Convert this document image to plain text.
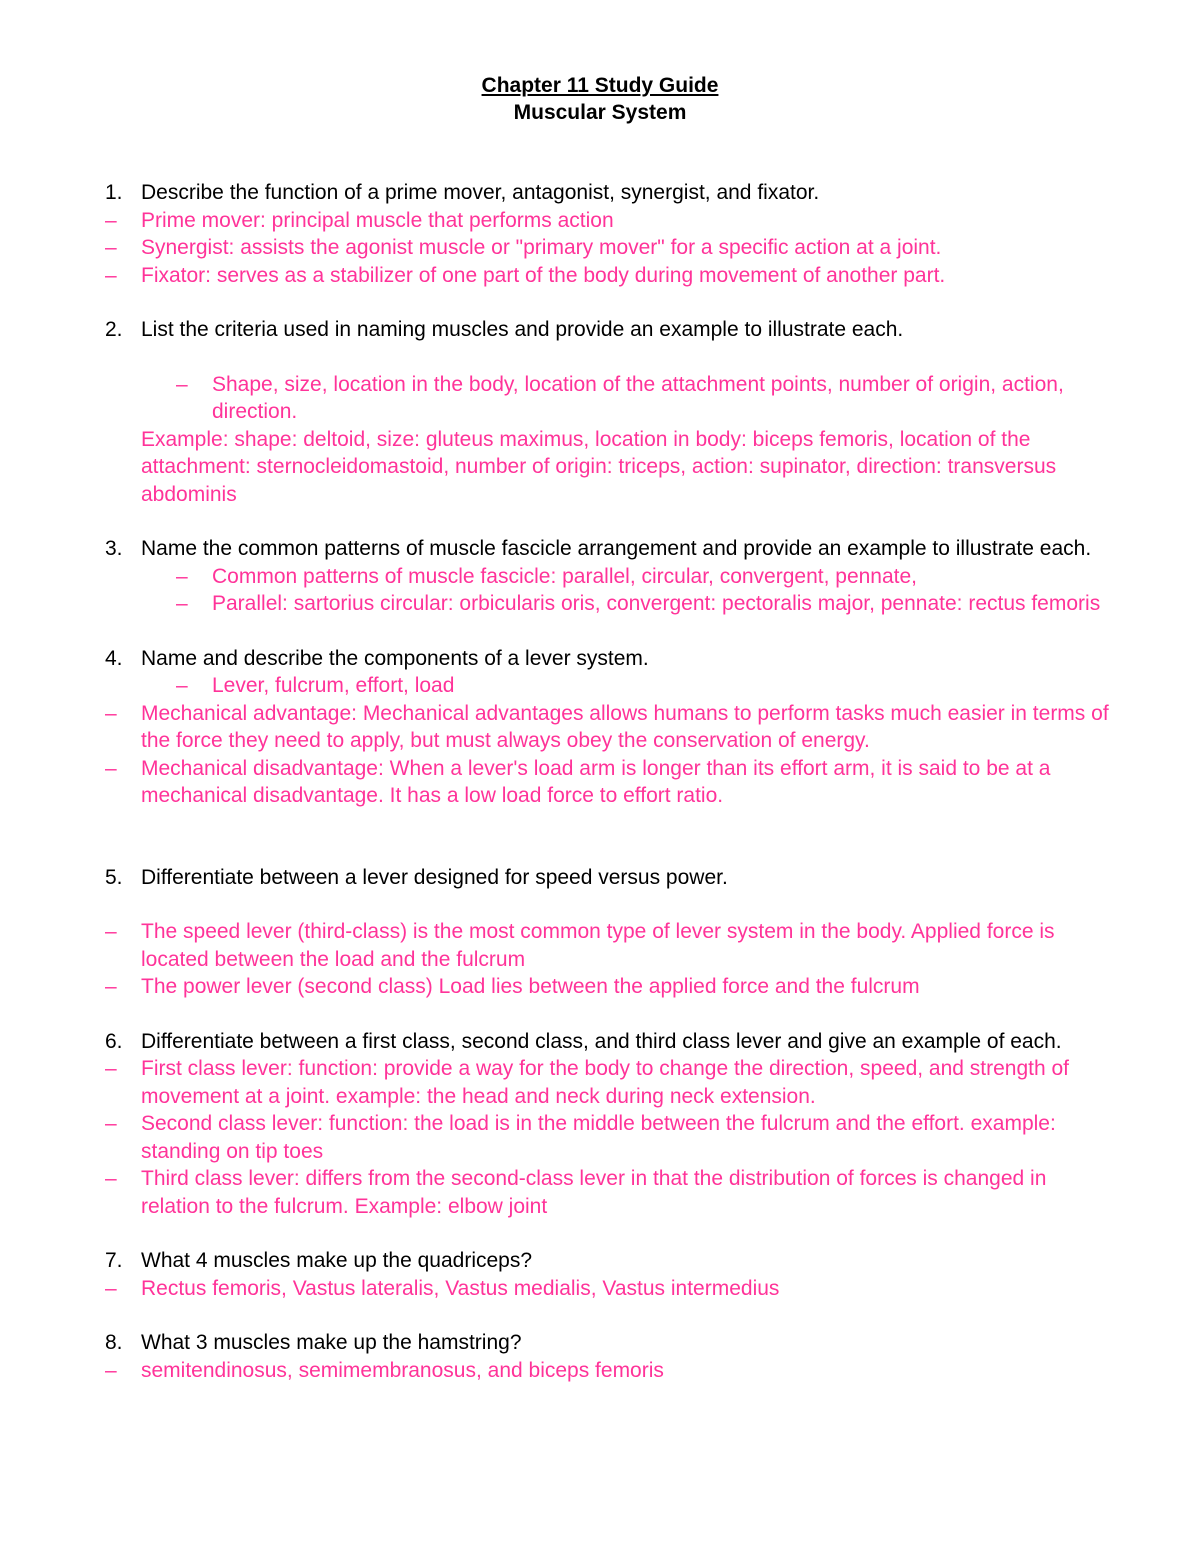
Chapter 11 Study Guide
Muscular System
1. Describe the function of a prime mover, antagonist, synergist, and fixator.
– Prime mover: principal muscle that performs action
– Synergist: assists the agonist muscle or "primary mover" for a specific action at a joint.
– Fixator: serves as a stabilizer of one part of the body during movement of another part.
2. List the criteria used in naming muscles and provide an example to illustrate each.
– Shape, size, location in the body, location of the attachment points, number of origin, action, direction.
Example: shape: deltoid, size: gluteus maximus, location in body: biceps femoris, location of the attachment: sternocleidomastoid, number of origin: triceps, action: supinator, direction: transversus abdominis
3. Name the common patterns of muscle fascicle arrangement and provide an example to illustrate each.
– Common patterns of muscle fascicle: parallel, circular, convergent, pennate,
– Parallel: sartorius circular: orbicularis oris, convergent: pectoralis major, pennate: rectus femoris
4. Name and describe the components of a lever system.
– Lever, fulcrum, effort, load
– Mechanical advantage: Mechanical advantages allows humans to perform tasks much easier in terms of the force they need to apply, but must always obey the conservation of energy.
– Mechanical disadvantage: When a lever's load arm is longer than its effort arm, it is said to be at a mechanical disadvantage. It has a low load force to effort ratio.
5. Differentiate between a lever designed for speed versus power.
– The speed lever (third-class) is the most common type of lever system in the body. Applied force is located between the load and the fulcrum
– The power lever (second class) Load lies between the applied force and the fulcrum
6. Differentiate between a first class, second class, and third class lever and give an example of each.
– First class lever: function: provide a way for the body to change the direction, speed, and strength of movement at a joint. example: the head and neck during neck extension.
– Second class lever: function: the load is in the middle between the fulcrum and the effort. example: standing on tip toes
– Third class lever: differs from the second-class lever in that the distribution of forces is changed in relation to the fulcrum. Example: elbow joint
7. What 4 muscles make up the quadriceps?
– Rectus femoris, Vastus lateralis, Vastus medialis, Vastus intermedius
8. What 3 muscles make up the hamstring?
– semitendinosus, semimembranosus, and biceps femoris
